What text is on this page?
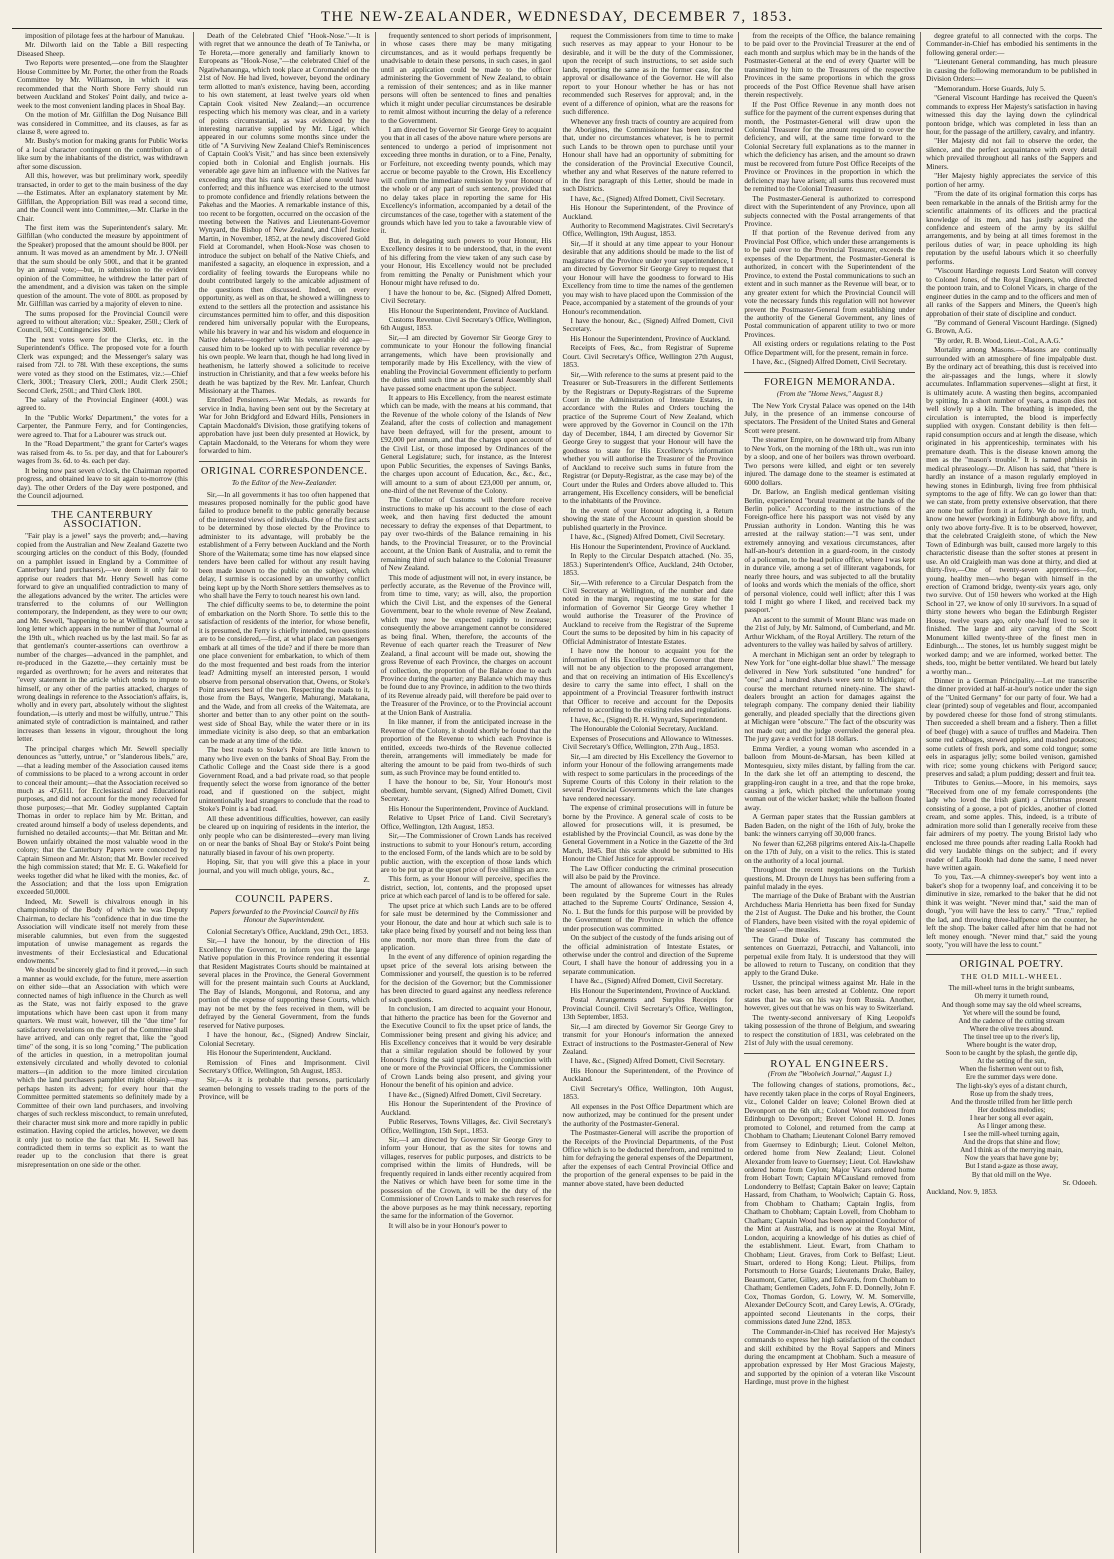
THE NEW-ZEALANDER, WEDNESDAY, DECEMBER 7, 1853.

imposition of pilotage fees at the harbour of Manukau.

Mr. Dilworth laid on the Table a Bill respecting Diseased Sheep.

Two Reports were presented,—one from the Slaughter House Committee by Mr. Porter, the other from the Roads Committee by Mr. Williamson, in which it was recommended that the North Shore Ferry should run between Auckland and Stokes' Point daily, and twice a-week to the most convenient landing places in Shoal Bay.

On the motion of Mr. Gilfillan the Dog Nuisance Bill was considered in Committee, and its clauses, as far as clause 8, were agreed to.

Mr. Busby's motion for making grants for Public Works of a local character contingent on the contribution of a like sum by the inhabitants of the district, was withdrawn after some discussion.

All this, however, was but preliminary work, speedily transacted, in order to get to the main business of the day—the Estimates. After an explanatory statement by Mr. Gilfillan, the Appropriation Bill was read a second time, and the Council went into Committee,—Mr. Clarke in the Chair.

The first item was the Superintendent's salary. Mr. Gilfillan (who conducted the measure by appointment of the Speaker) proposed that the amount should be 800l. per annum. It was moved as an amendment by Mr. J. O'Neill that the sum should be only 500l., and that it be granted by an annual vote;—but, in submission to the evident opinion of the Committee, he withdrew the latter part of the amendment, and a division was taken on the simple question of the amount. The vote of 800l. as proposed by Mr. Gilfillan was carried by a majority of eleven to nine.

The sums proposed for the Provincial Council were agreed to without alteration; viz.: Speaker, 250l.; Clerk of Council, 50l.; Contingencies 300l.

The next votes were for the Clerks, etc. in the Superintendent's Office. The proposed vote for a fourth Clerk was expunged; and the Messenger's salary was raised from 72l. to 78l. With these exceptions, the sums were voted as they stood on the Estimates, viz.:—Chief Clerk, 300l.; Treasury Clerk, 200l.; Audit Clerk 250l.; Second Clerk, 250l.; and Third Clerk 180l.

The salary of the Provincial Engineer (400l.) was agreed to.

In the "Public Works' Department," the votes for a Carpenter, the Panmure Ferry, and for Contingencies, were agreed to. That for a Labourer was struck out.

In the "Road Department," the grant for Carter's wages was raised from 4s. to 5s. per day, and that for Labourer's wages from 3s. 6d. to 4s. each per day.

It being now past seven o'clock, the Chairman reported progress, and obtained leave to sit again to-morrow (this day). The other Orders of the Day were postponed, and the Council adjourned.

THE CANTERBURY ASSOCIATION.

"Fair play is a jewel" says the proverb; and,—having copied from the Australian and New Zealand Gazette two scourging articles on the conduct of this Body, (founded on a pamphlet issued in England by a Committee of Canterbury land purchasers),—we deem it only fair to apprise our readers that Mr. Henry Sewell has come forward to give an unqualified contradiction to many of the allegations advanced by the writer. The articles were transferred to the columns of our Wellington contemporary, the Independent, as they were to our own; and Mr. Sewell, "happening to be at Wellington," wrote a long letter which appears in the number of that Journal of the 19th ult., which reached us by the last mail. So far as that gentleman's counter-assertions can overthrow a number of the charges—advanced in the pamphlet, and re-produced in the Gazette,—they certainly must be regarded as overthrown; for he avers and reiterates that "every statement in the article which tends to impute to himself, or any other of the parties attacked, charges of wrong dealings in reference to the Association's affairs, is, wholly and in every part, absolutely without the slightest foundation,—is utterly and most be wilfully, untrue." This animated style of contradiction is maintained, and rather increases than lessens in vigour, throughout the long letter.

The principal charges which Mr. Sewell specially denounces as "utterly, untrue," or "slanderous libels," are,—that a leading member of the Association caused items of commissions to be placed to a wrong account in order to conceal their amount;—that the Association received so much as 47,611l. for Ecclesiastical and Educational purposes, and did not account for the money received for those purposes;—that Mr. Godley supplanted Captain Thomas in order to replace him by Mr. Brittan, and created around himself a body of useless dependents, and furnished no detailed accounts;—that Mr. Brittan and Mr. Bowen unfairly obtained the most valuable wood in the colony; that the Canterbury Papers were concocted by Captain Simeon and Mr. Alston; that Mr. Bowler received the high commission stated; that Mr. E. G. Wakefield for weeks together did what he liked with the monies, &c. of the Association; and that the loss upon Emigration exceeded 50,000l.

Indeed, Mr. Sewell is chivalrous enough in his championship of the Body of which he was Deputy Chairman, to declare his "confidence that in due time the Association will vindicate itself not merely from these miserable calumnies, but even from the suggested imputation of unwise management as regards the investments of their Ecclesiastical and Educational endowments."

We should be sincerely glad to find it proved,—in such a manner as would exclude, for the future, mere assertion on either side—that an Association with which were connected names of high influence in the Church as well as the State, was not fairly exposed to the grave imputations which have been cast upon it from many quarters. We must wait, however, till the "due time" for satisfactory revelations on the part of the Committee shall have arrived, and can only regret that, like the "good time" of the song, it is so long "coming." The publication of the articles in question, in a metropolitan journal extensively circulated and wholly devoted to colonial matters—(in addition to the more limited circulation which the land purchasers pamphlet might obtain)—may perhaps hasten its advent; for every hour that the Committee permitted statements so definitely made by a Committee of their own land purchasers, and involving charges of such reckless misconduct, to remain unrefuted, their character must sink more and more rapidly in public estimation. Having copied the articles, however, we deem it only just to notice the fact that Mr. H. Sewell has contradicted them in terms so explicit as to want the reader up to the conclusion that there is great misrepresentation on one side or the other.

Death of the Celebrated Chief "Hook-Nose."—It is with regret that we announce the death of Te Taniwha, or Te Horeta,—more generally and familiarly known to Europeans as "Hook-Nose,"—the celebrated Chief of the Ngatiwhanaunga, which took place at Coromandel on the 21st of Nov. He had lived, however, beyond the ordinary term allotted to man's existence, having been, according to his own statement, at least twelve years old when Captain Cook visited New Zealand;—an occurrence respecting which his memory was clear, and in a variety of points circumstantial, as was evidenced by the interesting narrative supplied by Mr. Ligar, which appeared in our columns some months since under the title of "A Surviving New Zealand Chief's Reminiscences of Captain Cook's Visit," and has since been extensively copied both in Colonial and English journals. His venerable age gave him an influence with the Natives far exceeding any that his rank as Chief alone would have conferred; and this influence was exercised to the utmost to promote confidence and friendly relations between the Pakehas and the Maories. A remarkable instance of this, too recent to be forgotten, occurred on the occasion of the meeting between the Natives and Lieutenant-Governor Wynyard, the Bishop of New Zealand, and Chief Justice Martin, in November, 1852, at the newly discovered Gold Field at Coromandel, when Hook-Nose was chosen to introduce the subject on behalf of the Native Chiefs, and manifested a sagacity, an eloquence in expression, and a cordiality of feeling towards the Europeans while no doubt contributed largely to the amicable adjustment of the questions then discussed. Indeed, on every opportunity, as well as on that, he showed a willingness to extend to the settlers all the protection and assistance his circumstances permitted him to offer, and this disposition rendered him universally popular with the Europeans, while his bravery in war and his wisdom and eloquence in Native debates—together with his venerable old age—caused him to be looked up to with peculiar reverence by his own people. We learn that, though he had long lived in heathenism, he latterly showed a solicitude to receive instruction in Christianity, and that a few weeks before his death he was baptized by the Rev. Mr. Lanfear, Church Missionary at the Thames.

Enrolled Pensioners.—War Medals, as rewards for service in India, having been sent out by the Secretary at War for John Bridgford and Edward Hills, Pensioners in Captain Macdonald's Division, those gratifying tokens of approbation have just been duly presented at Howick, by Captain Macdonald, to the Veterans for whom they were forwarded to him.

ORIGINAL CORRESPONDENCE.
To the Editor of the New-Zealander.

Sir,—In all governments it has too often happened that measures proposed nominally for the public good have failed to produce benefit to the public generally because of the interested views of individuals. One of the first acts to be determined by those elected by the Province to administer to its advantage, will probably be the establishment of a Ferry between Auckland and the North Shore of the Waitemata; some time has now elapsed since tenders have been called for without any result having been made known to the public on the subject, which delay, I surmise is occasioned by an unworthy conflict being kept up by the North Shore settlers themselves as to who shall have the Ferry to touch nearest his own land.

The chief difficulty seems to be, to determine the point of embarkation on the North Shore. To settle this to the satisfaction of residents of the interior, for whose benefit, it is presumed, the Ferry is chiefly intended, two questions are to be considered,—first, at what place can passengers embark at all times of the tide? and if there be more than one place convenient for embarkation, to which of them do the most frequented and best roads from the interior lead? Admitting myself an interested person, I would observe from personal observation that, Owens, or Stoke's Point answers best of the two. Respecting the roads to it, those from the Bays, Wangerie, Mahurangi, Matakana, and the Wade, and from all creeks of the Waitemata, are shorter and better than to any other point on the south-west side of Shoal Bay, while the water there or in its immediate vicinity is also deep, so that an embarkation can be made at any time of the tide.

The best roads to Stoke's Point are little known to many who live even on the banks of Shoal Bay. From the Catholic College and the Coast side there is a good Government Road, and a bad private road, so that people frequently select the worse from ignorance of the better road, and if questioned on the subject, might unintentionally lead strangers to conclude that the road to Stoke's Point is a bad road.

All these adventitious difficulties, however, can easily be cleared up on inquiring of residents in the interior, the only people who can be disinterested—every man living on or near the banks of Shoal Bay or Stoke's Point being naturally biased in favour of his own property.

Hoping, Sir, that you will give this a place in your journal, and you will much oblige, yours, &c.,

Z.

COUNCIL PAPERS.
Papers forwarded to the Provincial Council by His Honour the Superintendent.

Colonial Secretary's Office, Auckland, 29th Oct., 1853.

Sir,—I have the honour, by the direction of His Excellency the Governor, to inform you that the large Native population in this Province rendering it essential that Resident Magistrates Courts should be maintained at several places in the Province, the General Government will for the present maintain such Courts at Auckland, The Bay of Islands, Mongonui, and Rotorua, and any portion of the expense of supporting these Courts, which may not be met by the fees received in them, will be defrayed by the General Government, from the funds reserved for Native purposes.

I have the honour, &c., (Signed) Andrew Sinclair, Colonial Secretary.

His Honour the Superintendent, Auckland.

Remission of Fines and Imprisonment. Civil Secretary's Office, Wellington, 5th August, 1853.

Sir,—As it is probable that persons, particularly seamen belonging to vessels trading to the ports of the Province, will be

frequently sentenced to short periods of imprisonment, in whose cases there may be many mitigating circumstances, and as it would perhaps frequently be unadvisable to detain these persons, in such cases, in gaol until an application could be made to the officer administering the Government of New Zealand, to obtain a remission of their sentences; and as in like manner persons will often be sentenced to fines and penalties which it might under peculiar circumstances be desirable to remit almost without incurring the delay of a reference to the Government.

I am directed by Governor Sir George Grey to acquaint you that in all cases of the above nature where persons are sentenced to undergo a period of imprisonment not exceeding three months in duration, or to a Fine, Penalty, or Forfeiture, not exceeding twenty pounds, which may accrue or become payable to the Crown, His Excellency will confirm the immediate remission by your Honour of the whole or of any part of such sentence, provided that no delay takes place in reporting the same for His Excellency's information, accompanied by a detail of the circumstances of the case, together with a statement of the grounds which have led you to take a favourable view of it.

But, in delegating such powers to your Honour, His Excellency desires it to be understood, that, in the event of his differing from the view taken of any such case by your Honour, His Excellency would not be precluded from remitting the Penalty or Punishment which your Honour might have refused to do.

I have the honour to be, &c. (Signed) Alfred Domett, Civil Secretary.

His Honour the Superintendent, Province of Auckland.

Customs Revenue. Civil Secretary's Office, Wellington, 6th August, 1853.

Sir,—I am directed by Governor Sir George Grey to communicate to your Honour the following financial arrangements, which have been provisionally and temporarily made by His Excellency, with the view of enabling the Provincial Government efficiently to perform the duties until such time as the General Assembly shall have passed some enactment upon the subject.

It appears to His Excellency, from the nearest estimate which can be made, with the means at his command, that the Revenue of the whole colony of the Islands of New Zealand, after the costs of collection and management have been defrayed, will for the present, amount to £92,000 per annum, and that the charges upon account of the Civil List, or those imposed by Ordinances of the General Legislature; such, for instance, as the Interest upon Public Securities, the expenses of Savings Banks, the charges upon account of Education, &c., &c., &c., will amount to a sum of about £23,000 per annum, or, one-third of the net Revenue of the Colony.

The Collector of Customs will therefore receive instructions to make up his account to the close of each week, and then having first deducted the amount necessary to defray the expenses of that Department, to pay over two-thirds of the Balance remaining in his hands, to the Provincial Treasurer, or to the Provincial account, at the Union Bank of Australia, and to remit the remaining third of such balance to the Colonial Treasurer of New Zealand.

This mode of adjustment will not, in every instance, be perfectly accurate, as the Revenue of the Province will, from time to time, vary; as will, also, the proportion which the Civil List, and the expenses of the General Government, bear to the whole revenue of New Zealand, which may now be expected rapidly to increase; consequently the above arrangement cannot be considered as being final. When, therefore, the accounts of the Revenue of each quarter reach the Treasurer of New Zealand, a final account will be made out, showing the gross Revenue of each Province, the charges on account of collection, the proportion of the Balance due to each Province during the quarter; any Balance which may thus be found due to any Province, in addition to the two thirds of its Revenue already paid, will therefore be paid over to the Treasurer of the Province, or to the Provincial account at the Union Bank of Australia.

In like manner, if from the anticipated increase in the Revenue of the Colony, it should shortly be found that the proportion of the Revenue to which each Province is entitled, exceeds two-thirds of the Revenue collected therein, arrangements will immediately be made for altering the amount to be paid from two-thirds of such sum, as such Province may be found entitled to.

I have the honour to be, Sir, Your Honour's most obedient, humble servant, (Signed) Alfred Domett, Civil Secretary.

His Honour the Superintendent, Province of Auckland.

Relative to Upset Price of Land. Civil Secretary's Office, Wellington, 12th August, 1853.

Sir,—The Commissioner of Crown Lands has received instructions to submit to your Honour's return, according to the enclosed Form, of the lands which are to be sold by public auction, with the exception of those lands which are to be put up at the upset price of five shillings an acre.

This form, as your Honour will perceive, specifies the district, section, lot, contents, and the proposed upset price at which each parcel of land is to be offered for sale.

The upset price at which such Lands are to be offered for sale must be determined by the Commissioner and your Honour, the date and hour at which such sale is to take place being fixed by yourself and not being less than one month, nor more than three from the date of application.

In the event of any difference of opinion regarding the upset price of the several lots arising between the Commissioner and yourself, the question is to be referred for the decision of the Governor; but the Commissioner has been directed to guard against any needless reference of such questions.

In conclusion, I am directed to acquaint your Honour, that hitherto the practice has been for the Governor and the Executive Council to fix the upset price of lands, the Commissioner being present and giving his advice; and His Excellency conceives that it would be very desirable that a similar regulation should be followed by your Honour's fixing the said upset price in conjunction with one or more of the Provincial Officers, the Commissioner of Crown Lands being also present, and giving your Honour the benefit of his opinion and advice.

I have &c., (Signed) Alfred Domett, Civil Secretary.

His Honour the Superintendent of the Province of Auckland.

Public Reserves, Towns Villages, &c. Civil Secretary's Office, Wellington, 15th Sept., 1853.

Sir,—I am directed by Governor Sir George Grey to inform your Honour, that as the sites for towns and villages, reserves for public purposes, and districts to be comprised within the limits of Hundreds, will be frequently required in lands either recently acquired from the Natives or which have been for some time in the possession of the Crown, it will be the duty of the Commissioner of Crown Lands to make such reserves for the above purposes as he may think necessary, reporting the same for the information of the Governor.

It will also be in your Honour's power to

request the Commissioners from time to time to make such reserves as may appear to your Honour to be desirable, and it will be the duty of the Commissioner, upon the receipt of such instructions, to set aside such lands, reporting the same as in the former case, for the approval or disallowance of the Governor. He will also report to your Honour whether he has or has not recommended such Reserves for approval; and, in the event of a difference of opinion, what are the reasons for such difference.

Whenever any fresh tracts of country are acquired from the Aborigines, the Commissioner has been instructed that, under no circumstances whatever, is he to permit such Lands to be thrown open to purchase until your Honour shall have had an opportunity of submitting for the consideration of the Provincial Executive Council, whether any and what Reserves of the nature referred to in the first paragraph of this Letter, should be made in such Districts.

I have, &c., (Signed) Alfred Domett, Civil Secretary.

His Honour the Superintendent, of the Province of Auckland.

Authority to Recommend Magistrates. Civil Secretary's Office, Wellington, 19th August, 1853.

Sir,—If it should at any time appear to your Honour desirable that any additions should be made to the list of magistrates of the Province under your superintendence, I am directed by Governor Sir George Grey to request that your Honour will have the goodness to forward to His Excellency from time to time the names of the gentlemen you may wish to have placed upon the Commission of the Peace, accompanied by a statement of the grounds of your Honour's recommendation.

I have the honour, &c., (Signed) Alfred Domett, Civil Secretary.

His Honour the Superintendent, Province of Auckland.

Receipts of Fees, &c., from Registrar of Supreme Court. Civil Secretary's Office, Wellington 27th August, 1853.

Sir,—With reference to the sums at present paid to the Treasurer or Sub-Treasurers in the different Settlements by the Registrars or Deputy-Registrars of the Supreme Court in the Administration of Intestate Estates, in accordance with the Rules and Orders touching the practice of the Supreme Court of New Zealand, which were approved by the Governor in Council on the 17th day of December, 1844, I am directed by Governor Sir George Grey to suggest that your Honour will have the goodness to state for His Excellency's information whether you will authorise the Treasurer of the Province of Auckland to receive such sums in future from the Registrar (or Deputy-Registrar, as the case may be) of the Court under the Rules and Orders above alluded to. This arrangement, His Excellency considers, will be beneficial to the inhabitants of the Province.

In the event of your Honour adopting it, a Return showing the state of the Account in question should be published quarterly in the Province.

I have, &c., (Signed) Alfred Domett, Civil Secretary.

His Honour the Superintendent, Province of Auckland.

In Reply to the Circular Despatch attached. (No. 35, 1853.) Superintendent's Office, Auckland, 24th October, 1853.

Sir,—With reference to a Circular Despatch from the Civil Secretary at Wellington, of the number and date noted in the margin, requesting me to state for the information of Governor Sir George Grey whether I would authorise the Treasurer of the Province of Auckland to receive from the Registrar of the Supreme Court the sums to be deposited by him in his capacity of Official Administrator of Intestate Estates.

I have now the honour to acquaint you for the information of His Excellency the Governor that there will not be any objection to the proposed arrangement, and that on receiving an intimation of His Excellency's desire to carry the same into effect, I shall on the appointment of a Provincial Treasurer forthwith instruct that Officer to receive and account for the Deposits referred to according to the existing rules and regulations.

I have, &c., (Signed) R. H. Wynyard, Superintendent.

The Honourable the Colonial Secretary, Auckland.

Expenses of Prosecutions and Allowance to Witnesses. Civil Secretary's Office, Wellington, 27th Aug., 1853.

Sir,—I am directed by His Excellency the Governor to inform your Honour of the following arrangements made with respect to some particulars in the proceedings of the Supreme Courts of this Colony in their relation to the several Provincial Governments which the late changes have rendered necessary.

The expense of criminal prosecutions will in future be borne by the Province. A general scale of costs to be allowed for prosecutions will, it is presumed, be established by the Provincial Council, as was done by the General Government in a Notice in the Gazette of the 3rd March, 1845. But this scale should be submitted to His Honour the Chief Justice for approval.

The Law Officer conducting the criminal prosecution will also be paid by the Province.

The amount of allowances for witnesses has already been regulated by the Supreme Court in the Rules attached to the Supreme Courts' Ordinance, Session 4, No. 1. But the funds for this purpose will be provided by the Government of the Province in which the offence under prosecution was committed.

On the subject of the custody of the funds arising out of the official administration of Intestate Estates, or otherwise under the control and direction of the Supreme Court, I shall have the honour of addressing you in a separate communication.

I have &c., (Signed) Alfred Domett, Civil Secretary.

His Honour the Superintendent, Province of Auckland.

Postal Arrangements and Surplus Receipts for Provincial Council. Civil Secretary's Office, Wellington, 13th September, 1853.

Sir,—I am directed by Governor Sir George Grey to transmit for your Honour's information the annexed Extract of instructions to the Postmaster-General of New Zealand.

I have, &c., (Signed) Alfred Domett, Civil Secretary.

His Honour the Superintendent, of the Province of Auckland.

Civil Secretary's Office, Wellington, 10th August, 1853.

All expenses in the Post Office Department which are now authorized, may be continued for the present under the authority of the Postmaster-General.

The Postmaster-General will ascribe the proportion of the Receipts of the Provincial Departments, of the Post Office which is to be deducted therefrom, and remitted to him for defraying the general expenses of the Department, after the expenses of each Central Provincial Office and the proportion of the general expenses to be paid in the manner above stated, have been deducted

from the receipts of the Office, the balance remaining to be paid over to the Provincial Treasurer at the end of each month and surplus which may be in the hands of the Postmaster-General at the end of every Quarter will be transmitted by him to the Treasurers of the respective Provinces in the same proportions in which the gross proceeds of the Post Office Revenue shall have arisen therein respectively.

If the Post Office Revenue in any month does not suffice for the payment of the current expenses during that month, the Postmaster-General will draw upon the Colonial Treasurer for the amount required to cover the deficiency, and will, at the same time forward to the Colonial Secretary full explanations as to the manner in which the deficiency has arisen, and the amount so drawn must be recovered from future Post Office Receipts of the Province or Provinces in the proportion in which the deficiency may have arisen; all sums thus recovered must be remitted to the Colonial Treasurer.

The Postmaster-General is authorized to correspond direct with the Superintendent of any Province, upon all subjects connected with the Postal arrangements of that Province.

If that portion of the Revenue derived from any Provincial Post Office, which under these arrangements is to be paid over to the Provincial Treasurer, exceeds the expenses of the Department, the Postmaster-General is authorized, in concert with the Superintendent of the Province, to extend the Postal communications to such an extent and in such manner as the Revenue will bear, or to any greater extent for which the Provincial Council will vote the necessary funds this regulation will not however prevent the Postmaster-General from establishing under the authority of the General Government, any lines of Postal communication of apparent utility to two or more Provinces.

All existing orders or regulations relating to the Post Office Department will, for the present, remain in force.

I have, &c., (Signed) Alfred Domett, Civil Secretary.

FOREIGN MEMORANDA.
(From the "Home News," August 8.)

The New York Crystal Palace was opened on the 14th July, in the presence of an immense concourse of spectators. The President of the United States and General Scott were present.

The steamer Empire, on he downward trip from Albany to New York, on the morning of the 18th ult., was run into by a sloop, and one of her boilers was thrown overboard. Two persons were killed, and eight or ten severely injured. The damage done to the steamer is estimated at 6000 dollars.

Dr. Barlow, an English medical gentleman visiting Berlin, experienced "brutal treatment at the hands of the Berlin police." According to the instructions of the Foreign-office here his passport was not viséd by any Prussian authority in London. Wanting this he was arrested at the railway station:—"I was sent, under extremely annoying and vexatious circumstances, after half-an-hour's detention in a guard-room, in the custody of a policeman, to the head police office, where I was kept in durance vile, among a set of illiterant vagabonds, for nearly three hours, and was subjected to all the brutality of looks and words which the menials of the office, short of personal violence, could well inflict; after this I was told I might go where I liked, and received back my passport."

An ascent to the summit of Mount Blanc was made on the 21st of July, by Mr. Salmond, of Cumberland, and Mr. Arthur Wickham, of the Royal Artillery. The return of the adventurers to the valley was hailed by salvos of artillery.

A merchant in Michigan sent an order by telegraph to New York for "one eight-dollar blue shawl." The message delivered in New York substituted "one hundred" for "one;" and a hundred shawls were sent to Michigan; of course the merchant returned ninety-nine. The shawl-dealers brought an action for damages against the telegraph company. The company denied their liability generally, and pleaded specially that the directions given at Michigan were "obscure." The fact of the obscurity was not made out; and the judge overruled the general plea. The jury gave a verdict for 118 dollars.

Emma Verdier, a young woman who ascended in a balloon from Mount-de-Marsan, has been killed at Montesquieu, sixty miles distant, by falling from the car. In the dark she let off an attempting to descend, the grappling-iron caught in a tree, and that the rope broke, causing a jerk, which pitched the unfortunate young woman out of the wicker basket; while the balloon floated away.

A German paper states that the Russian gamblers at Baden Baden, on the night of the 16th of July, broke the bank: the winners carrying off 30,000 francs.

No fewer than 62,268 pilgrims entered Aix-la-Chapelle on the 17th of July, on a visit to the relics. This is stated on the authority of a local journal.

Throughout the recent negotiations on the Turkish questions, M. Drouyn de Lhuys has been suffering from a painful malady in the eyes.

The marriage of the Duke of Brabant with the Austrian Archduchess Maria Henrietta has been fixed for Sunday the 21st of August. The Duke and his brother, the Count of Flanders, have been visited with the royal epidemic of 'the season'—the measles.

The Grand Duke of Tuscany has commuted the sentences on Guerrazzi, Petracchi, and Valtancoli, into perpetual exile from Italy. It is understood that they will be allowed to return to Tuscany, on condition that they apply to the Grand Duke.

Ussner, the principal witness against Mr. Hale in the rocket case, has been arrested at Coblentz. One report states that he was on his way from Russia. Another, however, gives out that he was on his way to Switzerland.

The twenty-second anniversary of King Leopold's taking possession of the throne of Belgium, and swearing to respect the constitution of 1831, was celebrated on the 21st of July with the usual ceremony.

ROYAL ENGINEERS.
(From the "Woolwich Journal," August 1.)

The following changes of stations, promotions, &c., have recently taken place in the corps of Royal Engineers, viz., Colonel Calder on leave; Colonel Brown died at Devonport on the 6th ult.; Colonel Wood removed from Edinburgh to Devonport; Brevet Colonel H. D. Jones promoted to Colonel, and returned from the camp at Chobham to Chatham; Lieutenant Colonel Barry removed from Guernsey to Edinburgh; Lieut. Colonel Melton, ordered home from New Zealand; Lieut. Colonel Alexander from leave to Guernsey; Lieut. Col. Hawkshaw ordered home from Ceylon; Major Vicars ordered home from Hobart Town; Captain M'Causland removed from Londonderry to Belfast; Captain Baker on leave; Captain Hassard, from Chatham, to Woolwich; Captain G. Ross, from Chobham to Chatham; Captain Inglis, from Chatham to Chobham; Captain Lovell, from Chobham to Chatham; Captain Wood has been appointed Conductor of the Mint at Australia, and is now at the Royal Mint, London, acquiring a knowledge of his duties as chief of the establishment. Lieut. Ewart, from Chatham to Chobham; Lieut. Graves, from Cork to Belfast; Lieut. Stuart, ordered to Hong Kong; Lieut. Philips, from Portsmouth to Horse Guards; Lieutenants Drake, Bailey, Beaumont, Carter, Gilley, and Edwards, from Chobham to Chatham; Gentlemen Cadets, John F. D. Donnelly, John F. Cox, Thomas Gordon, G. Lowry, W. M. Somerville, Alexander DeCourcy Scott, and Carey Lewis, A. O'Grady, appointed second Lieutenants in the corps, their commissions dated June 22nd, 1853.

The Commander-in-Chief has received Her Majesty's commands to express her high satisfaction of the conduct and skill exhibited by the Royal Sappers and Miners during the encampment at Chobham. Such a measure of approbation expressed by Her Most Gracious Majesty, and supported by the opinion of a veteran like Viscount Hardinge, must prove in the highest

degree grateful to all connected with the corps. The Commander-in-Chief has embodied his sentiments in the following general order:—

"Lieutenant General commanding, has much pleasure in causing the following memorandum to be published in Division Orders:—

"Memorandum. Horse Guards, July 5.

"General Viscount Hardinge has received the Queen's commands to express Her Majesty's satisfaction in having witnessed this day the laying down the cylindrical pontoon bridge, which was completed in less than an hour, for the passage of the artillery, cavalry, and infantry.

"Her Majesty did not fail to observe the order, the silence, and the perfect acquaintance with every detail which prevailed throughout all ranks of the Sappers and Miners.

"Her Majesty highly appreciates the service of this portion of her army.

"From the date of its original formation this corps has been remarkable in the annals of the British army for the scientific attainments of its officers and the practical knowledge of its men, and has justly acquired the confidence and esteem of the army by its skilful arrangements, and by being at all times foremost in the perilous duties of war; in peace upholding its high reputation by the useful labours which it so cheerfully performs.

"Viscount Hardinge requests Lord Seaton will convey to Colonel Jones, of the Royal Engineers, who directed the pontoon train, and to Colonel Vicars, in charge of the engineer duties in the camp and to the officers and men of all ranks of the Sappers and Miners, the Queen's high approbation of their state of discipline and conduct.

"By command of General Viscount Hardinge. (Signed) G. Brown, A.G.

"By order, R. B. Wood, Lieut.-Col., A.A.G."

Mortality among Masons.—Masons are continually surrounded with an atmosphere of fine impalpable dust. By the ordinary act of breathing, this dust is received into the air-passages and the lungs, where it slowly accumulates. Inflammation supervenes—slight at first, it is ultimately acute. A wasting then begins, accompanied by spitting. In a short number of years, a mason dies not well slowly up a kiln. The breathing is impeded, the circulation is interrupted, the blood is imperfectly supplied with oxygen. Constant debility is then felt—rapid consumption occurs and at length the disease, which originated in his apprenticeship, terminates with his premature death. This is the disease known among the men as the "mason's trouble." It is named phthisis in medical phraseology.—Dr. Alison has said, that "there is hardly an instance of a mason regularly employed in hewing stones in Edinburgh, living free from phthisical symptoms to the age of fifty. We can go lower than that: we can state, from pretty extensive observation, that there are none but suffer from it at forty. We do not, in truth, know one hewer (working) in Edinburgh above fifty, and only two above forty-five. It is to be observed, however, that the celebrated Craigleith stone, of which the New Town of Edinburgh was built, caused more largely to this characteristic disease than the softer stones at present in use. An old Craigleith man was done at thirty, and died at thirty-five,—One of twenty-seven apprentices—for, young, healthy men—who began with himself in the erection of Cramond bridge, twenty-six years ago, only two survive. Out of 150 hewers who worked at the High School in '27, we know of only 10 survivors. In a squad of thirty stone hewers who began the Edinburgh Register House, twelve years ago, only one-half lived to see it finished. The large and airy carving of the Scott Monument killed twenty-three of the finest men in Edinburgh.... The stones, let us humbly suggest might be worked damp; and we are informed, worked better. The sheds, too, might be better ventilated. We heard but lately a worthy man...

Dinner in a German Principality.—Let me transcribe the dinner provided at half-at-hour's notice under the sign of the "United Germany" for our party of four. We had a clear (printed) soup of vegetables and flour, accompanied by powdered cheese for those fond of strong stimulants. Then succeeded a shell bream and a fishery. Then a fillet of beef (huge) with a sauce of truffles and Madeira. Then some red cabbages, stewed apples, and mashed potatoes; some cutlets of fresh pork, and some cold tongue; some eels in asparagus jelly; some boiled venison, garnished with rice; some young chickens with Perigord sauce; preserves and salad; a plum pudding; dessert and fruit tea.

Tributes to Genius.—Moore, in his memoirs, says "Received from one of my female correspondents (the lady who loved the Irish giant) a Christmas present consisting of a goose, a pot of pickles, another of clotted cream, and some apples. This, indeed, is a tribute of admiration more solid than I generally receive from these fair admirers of my poetry. The young Bristol lady who enclosed me three pounds after reading Lalla Rookh had did very laudable things on the subject; and if every reader of Lalla Rookh had done the same, I need never have written again.

To you, Tax.—A chimney-sweeper's boy went into a baker's shop for a twopenny loaf, and conceiving it to be diminutive in size, remarked to the baker that he did not think it was weight. "Never mind that," said the man of dough, "you will have the less to carry." "True," replied the lad, and throwing three-halfpence on the counter, he left the shop. The baker called after him that he had not left money enough. "Never mind that," said the young sooty, "you will have the less to count."

ORIGINAL POETRY.
THE OLD MILL-WHEEL.
The mill-wheel turns in the bright sunbeams,
Oh merry it turneth round,
And though some may say the old wheel screams,
Yet where will the sound be found,
And the cadence of the cutting stream
Where the olive trees abound.
The tinsel tree up to the river's lip,
Where bought is the water drop,
Soon to be caught by the splash, the gentle dip,
At the setting of the sun,
When the fishermen went out to fish,
Ere the summer days were done.
The light-sky's eyes of a distant church,
Rose up from the shady trees,
And the throstle trilled from her little perch
Her doubtless melodies;
I hear her song all ever again,
As I linger among these.
I see the mill-wheel turning again,
And the drops that shine and flow;
And I think as of the merrying main,
Now the years that have gone by;
But I stand a-gaze as those away,
By that old mill on the Wye.

Sr. Odoeeh.

Auckland, Nov. 9, 1853.
